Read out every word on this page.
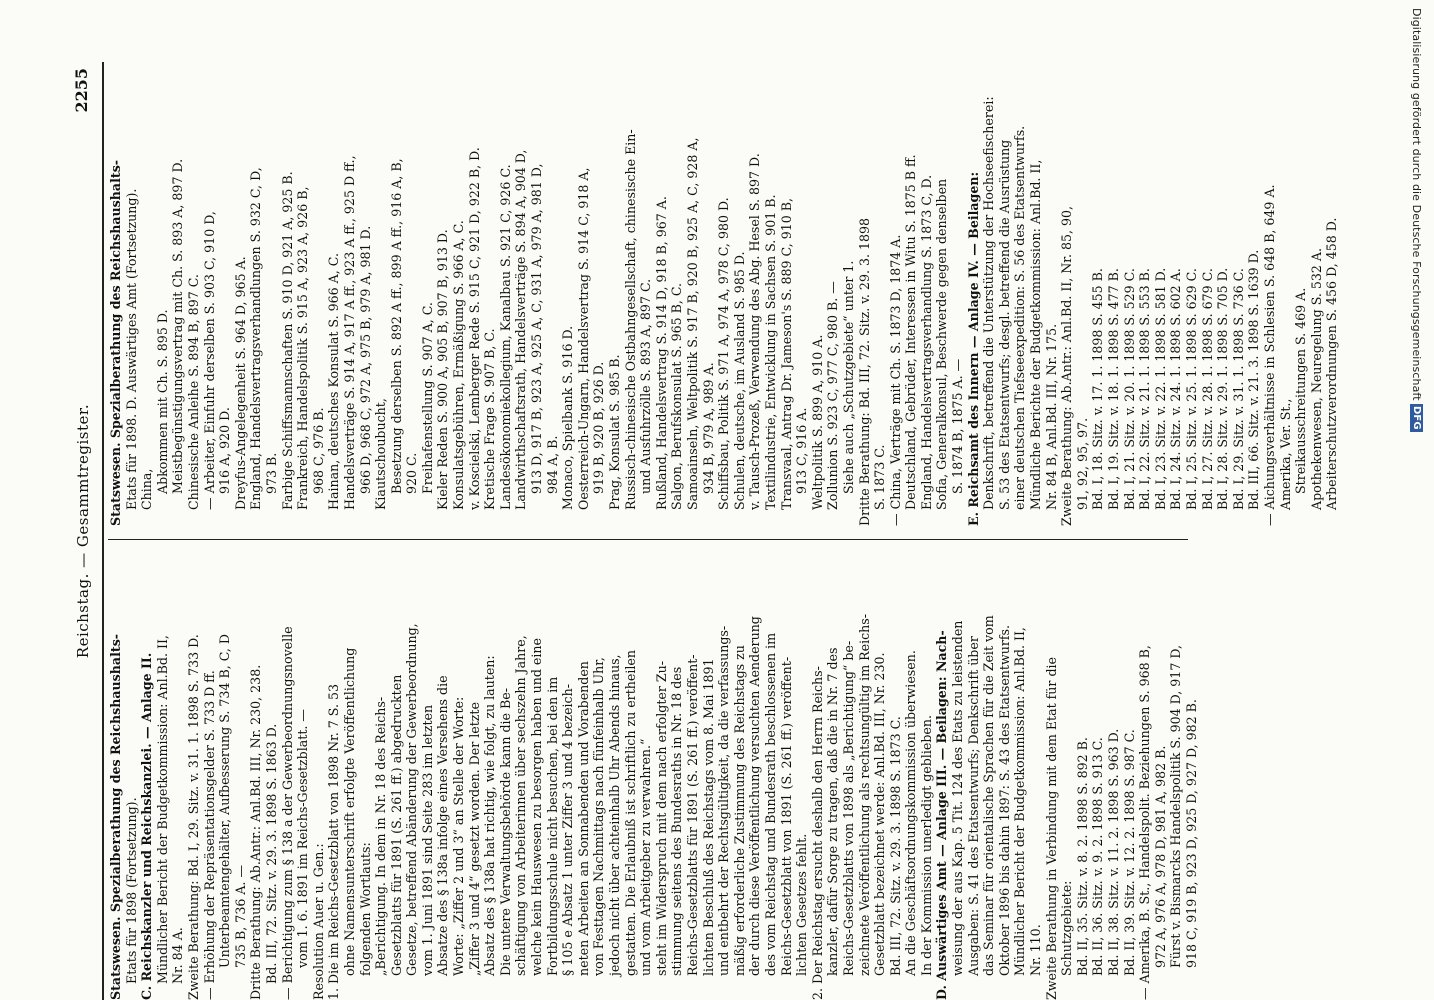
Digitalisierung gefördert durch die Deutsche Forschungsgemeinschaft DFG
Reichstag. — Gesammtregister.
2255
Statswesen. Spezialberathung des Reichshaushalts- Etats für 1898 (Fortsetzung). C. Reichskanzler und Reichskanzlei. — Anlage II. Mündlicher Bericht der Budgetkommission: Anl.Bd. II, Nr. 84 A. Zweite Berathung: Bd. I, 29. Sitz. v. 31. 1. 1898 S. 733 D. — Erhöhung der Repräsentationsgelder S. 733 D ff. Unterbeamtengehälter, Aufbesserung S. 734 B, C, D 735 B, 736 A. — Dritte Berathung: Ab.Antr.: Anl.Bd. III, Nr. 230, 238. Bd. III, 72. Sitz. v. 29. 3. 1898 S. 1863 D. — Berichtigung zum § 138 a der Gewerbeordnungsnovelle vom 1. 6. 1891 im Reichs-Gesetzblatt. — Resolution Auer u. Gen.: 1. Die im Reichs-Gesetzblatt von 1898 Nr. 7 S. 53 ohne Namensunterschrift erfolgte Veröffentlichung folgenden Wortlauts: „Berichtigung. In dem in Nr. 18 des Reichs- Gesetzblatts für 1891 (S. 261 ff.) abgedruckten Gesetze, betreffend Abänderung der Gewerbeordnung, vom 1. Juni 1891 sind Seite 283 im letzten Absatze des § 138a infolge eines Versehens die Worte: „Ziffer 2 und 3“ an Stelle der Worte: „Ziffer 3 und 4“ gesetzt worden. Der letzte Absatz des § 138a hat richtig, wie folgt, zu lauten: Die untere Verwaltungsbehörde kann die Be- schäftigung von Arbeiterinnen über sechszehn Jahre, welche kein Hauswesen zu besorgen haben und eine Fortbildungsschule nicht besuchen, bei den im § 105 e Absatz 1 unter Ziffer 3 und 4 bezeich- neten Arbeiten an Sonnabenden und Vorabenden von Festtagen Nachmittags nach fünfeinhalb Uhr, jedoch nicht über achteinhalb Uhr Abends hinaus, gestatten. Die Erlaubniß ist schriftlich zu ertheilen und vom Arbeitgeber zu verwahren.“ steht im Widerspruch mit dem nach erfolgter Zu- stimmung seitens des Bundesraths in Nr. 18 des Reichs-Gesetzblatts für 1891 (S. 261 ff.) veröffent- lichten Beschluß des Reichstags vom 8. Mai 1891 und entbehrt der Rechtsgültigkeit, da die verfassungs- mäßig erforderliche Zustimmung des Reichstags zu der durch diese Veröffentlichung versuchten Aenderung des vom Reichstag und Bundesrath beschlossenen im Reichs-Gesetzblatt von 1891 (S. 261 ff.) veröffent- lichten Gesetzes fehlt. 2. Der Reichstag ersucht deshalb den Herrn Reichs- kanzler, dafür Sorge zu tragen, daß die in Nr. 7 des Reichs-Gesetzblatts von 1898 als „Berichtigung“ be- zeichnete Veröffentlichung als rechtsungültig im Reichs- Gesetzblatt bezeichnet werde: Anl.Bd. III, Nr. 230. Bd. III, 72. Sitz. v. 29. 3. 1898 S. 1873 C. An die Geschäftsordnungskommission überwiesen. In der Kommission unerledigt geblieben. D. Auswärtiges Amt — Anlage III. — Beilagen: Nach- weisung der aus Kap. 5 Tit. 124 des Etats zu leistenden Ausgaben: S. 41 des Etatsentwurfs; Denkschrift über das Seminar für orientalische Sprachen für die Zeit vom Oktober 1896 bis dahin 1897: S. 43 des Etatsentwurfs. Mündlicher Bericht der Budgetkommission: Anl.Bd. II, Nr. 110. Zweite Berathung in Verbindung mit dem Etat für die Schutzgebiete: Bd. II, 35. Sitz. v. 8. 2. 1898 S. 892 B. Bd. II, 36. Sitz. v. 9. 2. 1898 S. 913 C. Bd. II, 38. Sitz. v. 11. 2. 1898 S. 963 D. Bd. II, 39. Sitz. v. 12. 2. 1898 S. 987 C. — Amerika, B. St., Handelspolit. Beziehungen S. 968 B, 972 A, 976 A, 978 D, 981 A, 982 B. Fürst v. Bismarcks Handelspolitik S. 904 D, 917 D, 918 C, 919 B, 923 D, 925 D, 927 D, 982 B.
Statswesen. Spezialberathung des Reichshaushalts- Etats für 1898. D. Auswärtiges Amt (Fortsetzung). China, Abkommen mit Ch. S. 895 D. Meistbegünstigungsvertrag mit Ch. S. 893 A, 897 D. Chinesische Anleihe S. 894 B, 897 C. — Arbeiter, Einfuhr derselben S. 903 C, 910 D, 916 A, 920 D. Dreyfus-Angelegenheit S. 964 D, 965 A. England, Handelsvertragsverhandlungen S. 932 C, D, 973 B. Farbige Schiffsmannschaften S. 910 D, 921 A, 925 B. Frankreich, Handelspolitik S. 915 A, 923 A, 926 B, 968 C, 976 B. Hainan, deutsches Konsulat S. 966 A, C. Handelsverträge S. 914 A, 917 A ff., 923 A ff., 925 D ff., 966 D, 968 C, 972 A, 975 B, 979 A, 981 D. Kiautschoubucht, Besetzung derselben S. 892 A ff., 899 A ff., 916 A, B, 920 C. Freihafenstellung S. 907 A, C. Kieler Reden S. 900 A, 905 B, 907 B, 913 D. Konsulatsgebühren, Ermäßigung S. 966 A, C. v. Koscielski, Lemberger Rede S. 915 C, 921 D, 922 B, D. Kretische Frage S. 907 B, C. Landesökonomiekollegium, Kanalbau S. 921 C, 926 C. Landwirthschaftsrath, Handelsverträge S. 894 A, 904 D, 913 D, 917 B, 923 A, 925 A, C, 931 A, 979 A, 981 D, 984 A, B. Monaco, Spielbank S. 916 D. Oesterreich-Ungarn, Handelsvertrag S. 914 C, 918 A, 919 B, 920 B, 926 D. Prag, Konsulat S. 985 B. Russisch-chinesische Ostbahngesellschaft, chinesische Ein- und Ausfuhrzölle S. 893 A, 897 C. Rußland, Handelsvertrag S. 914 D, 918 B, 967 A. Salgon, Berufskonsulat S. 965 B, C. Samoainseln, Weltpolitik S. 917 B, 920 B, 925 A, C, 928 A, 934 B, 979 A, 989 A. Schiffsbau, Politik S. 971 A, 974 A, 978 C, 980 D. Schulen, deutsche, im Ausland S. 985 D. v. Tausch-Prozeß, Verwendung des Abg. Hesel S. 897 D. Textilindustrie, Entwicklung in Sachsen S. 901 B. Transvaal, Antrag Dr. Jameson's S. 889 C, 910 B, 913 C, 916 A. Weltpolitik S. 899 A, 910 A. Zollunion S. 923 C, 977 C, 980 B. — Siehe auch „Schutzgebiete“ unter 1. Dritte Berathung: Bd. III, 72. Sitz. v. 29. 3. 1898 S. 1873 C. — China, Verträge mit Ch. S. 1873 D, 1874 A. Deutschland, Gebrüder, Interessen in Witu S. 1875 B ff. England, Handelsvertragsverhandlung S. 1873 C, D. Sofia, Generalkonsul, Beschwerde gegen denselben S. 1874 B, 1875 A. — E. Reichsamt des Innern — Anlage IV. — Beilagen: Denkschrift, betreffend die Unterstützung der Hochseefischerei: S. 53 des Etatsentwurfs; desgl. betreffend die Ausrüstung einer deutschen Tiefseeexpedition: S. 56 des Etatsentwurfs. Mündliche Berichte der Budgetkommission: Anl.Bd. II, Nr. 84 B, Anl.Bd. III, Nr. 175. Zweite Berathung: Ab.Antr.: Anl.Bd. II, Nr. 85, 90, 91, 92, 95, 97. Bd. I, 18. Sitz. v. 17. 1. 1898 S. 455 B. Bd. I, 19. Sitz. v. 18. 1. 1898 S. 477 B. Bd. I, 21. Sitz. v. 20. 1. 1898 S. 529 C. Bd. I, 22. Sitz. v. 21. 1. 1898 S. 553 B. Bd. I, 23. Sitz. v. 22. 1. 1898 S. 581 D. Bd. I, 24. Sitz. v. 24. 1. 1898 S. 602 A. Bd. I, 25. Sitz. v. 25. 1. 1898 S. 629 C. Bd. I, 27. Sitz. v. 28. 1. 1898 S. 679 C. Bd. I, 28. Sitz. v. 29. 1. 1898 S. 705 D. Bd. I, 29. Sitz. v. 31. 1. 1898 S. 736 C. Bd. III, 66. Sitz. v. 21. 3. 1898 S. 1639 D. — Aichungsverhältnisse in Schlesien S. 648 B, 649 A. Amerika, Ver. St., Streikausschreitungen S. 469 A. Apothekenwesen, Neuregelung S. 532 A. Arbeiterschutzverordnungen S. 456 D, 458 D.
